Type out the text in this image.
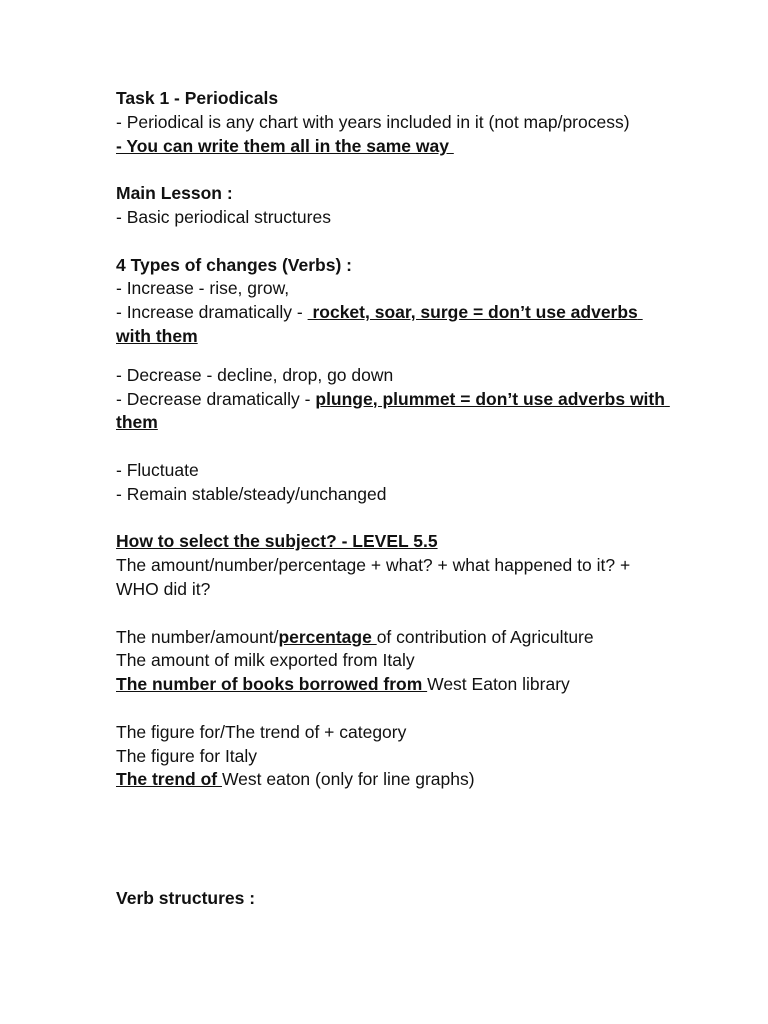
Task 1 - Periodicals
- Periodical is any chart with years included in it (not map/process)
- You can write them all in the same way
Main Lesson :
- Basic periodical structures
4 Types of changes (Verbs) :
- Increase - rise, grow,
- Increase dramatically -  rocket, soar, surge = don’t use adverbs with them
- Decrease - decline, drop, go down
- Decrease dramatically - plunge, plummet = don’t use adverbs with them
- Fluctuate
- Remain stable/steady/unchanged
How to select the subject? - LEVEL 5.5
The amount/number/percentage + what? + what happened to it? + WHO did it?
The number/amount/percentage of contribution of Agriculture
The amount of milk exported from Italy
The number of books borrowed from West Eaton library
The figure for/The trend of + category
The figure for Italy
The trend of West eaton (only for line graphs)
Verb structures :
